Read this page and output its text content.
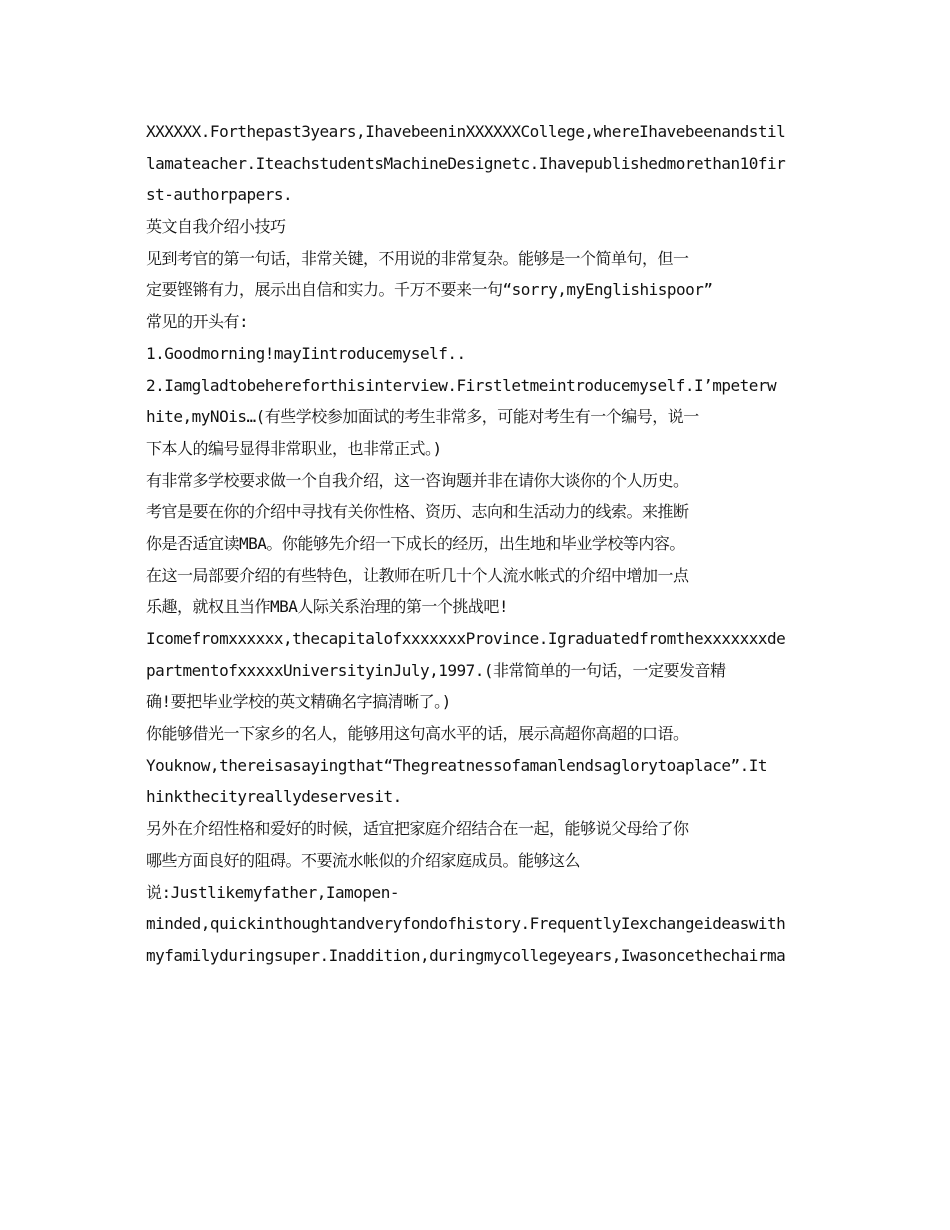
XXXXXX.Forthepast3years,IhavebeeninXXXXXXCollege,whereIhavebeenandstil
lamateacher.IteachstudentsMachineDesignetc.Ihavepublishedmorethan10fir
st-authorpapers.
英文自我介绍小技巧
见到考官的第一句话，非常关键，不用说的非常复杂。能够是一个简单句，但一
定要铿锵有力，展示出自信和实力。千万不要来一句“sorry,myEnglishispoor”
常见的开头有:
1.Goodmorning!mayIintroducemyself..
2.Iamgladtobehereforthisinterview.Firstletmeintroducemyself.I’mpeterw
hite,myNOis…(有些学校参加面试的考生非常多，可能对考生有一个编号，说一
下本人的编号显得非常职业，也非常正式。)
有非常多学校要求做一个自我介绍，这一咨询题并非在请你大谈你的个人历史。
考官是要在你的介绍中寻找有关你性格、资历、志向和生活动力的线索。来推断
你是否适宜读MBA。你能够先介绍一下成长的经历，出生地和毕业学校等内容。
在这一局部要介绍的有些特色，让教师在听几十个人流水帐式的介绍中增加一点
乐趣，就权且当作MBA人际关系治理的第一个挑战吧!
Icomefromxxxxxx,thecapitalofxxxxxxxProvince.Igraduatedfromthexxxxxxxde
partmentofxxxxxUniversityinJuly,1997.(非常简单的一句话，一定要发音精
确!要把毕业学校的英文精确名字搞清晰了。)
你能够借光一下家乡的名人，能够用这句高水平的话，展示高超你高超的口语。
Youknow,thereisasayingthat“Thegreatnessofamanlendsaglorytoaplace”.It
hinkthecityreallydeservesit.
另外在介绍性格和爱好的时候，适宜把家庭介绍结合在一起，能够说父母给了你
哪些方面良好的阻碍。不要流水帐似的介绍家庭成员。能够这么
说:Justlikemyfather,Iamopen-
minded,quickinthoughtandveryfondofhistory.FrequentlyIexchangeideaswith
myfamilyduringsuper.Inaddition,duringmycollegeyears,Iwasoncethechairma
